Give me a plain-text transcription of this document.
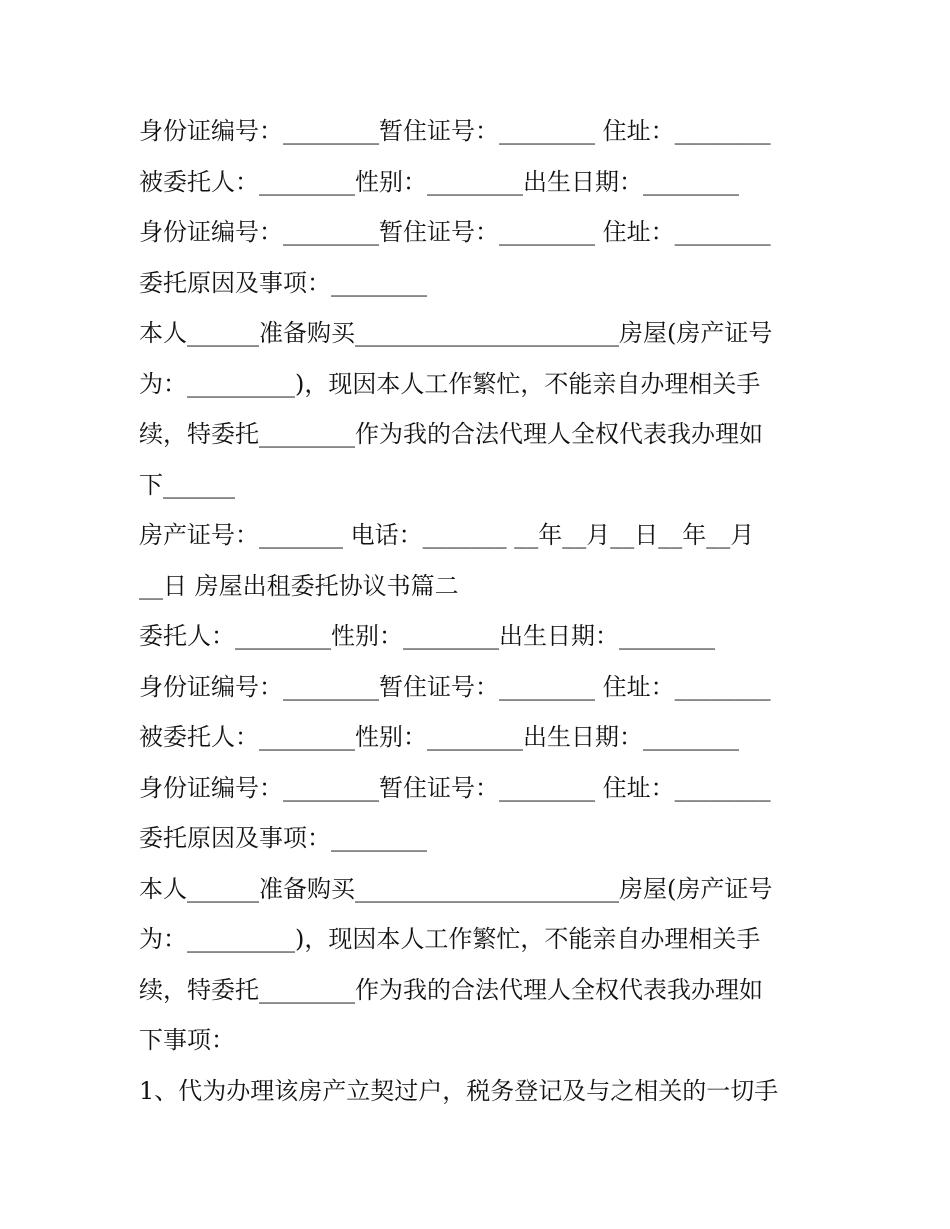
身份证编号：________暂住证号：________ 住址：________
被委托人：________性别：________出生日期：________
身份证编号：________暂住证号：________ 住址：________
委托原因及事项：________
本人______准备购买______________________房屋(房产证号
为：_________)，现因本人工作繁忙，不能亲自办理相关手
续，特委托________作为我的合法代理人全权代表我办理如
下______
房产证号：_______ 电话：_______ __年__月__日__年__月
__日 房屋出租委托协议书篇二
委托人：________性别：________出生日期：________
身份证编号：________暂住证号：________ 住址：________
被委托人：________性别：________出生日期：________
身份证编号：________暂住证号：________ 住址：________
委托原因及事项：________
本人______准备购买______________________房屋(房产证号
为：_________)，现因本人工作繁忙，不能亲自办理相关手
续，特委托________作为我的合法代理人全权代表我办理如
下事项：
1、代为办理该房产立契过户，税务登记及与之相关的一切手
